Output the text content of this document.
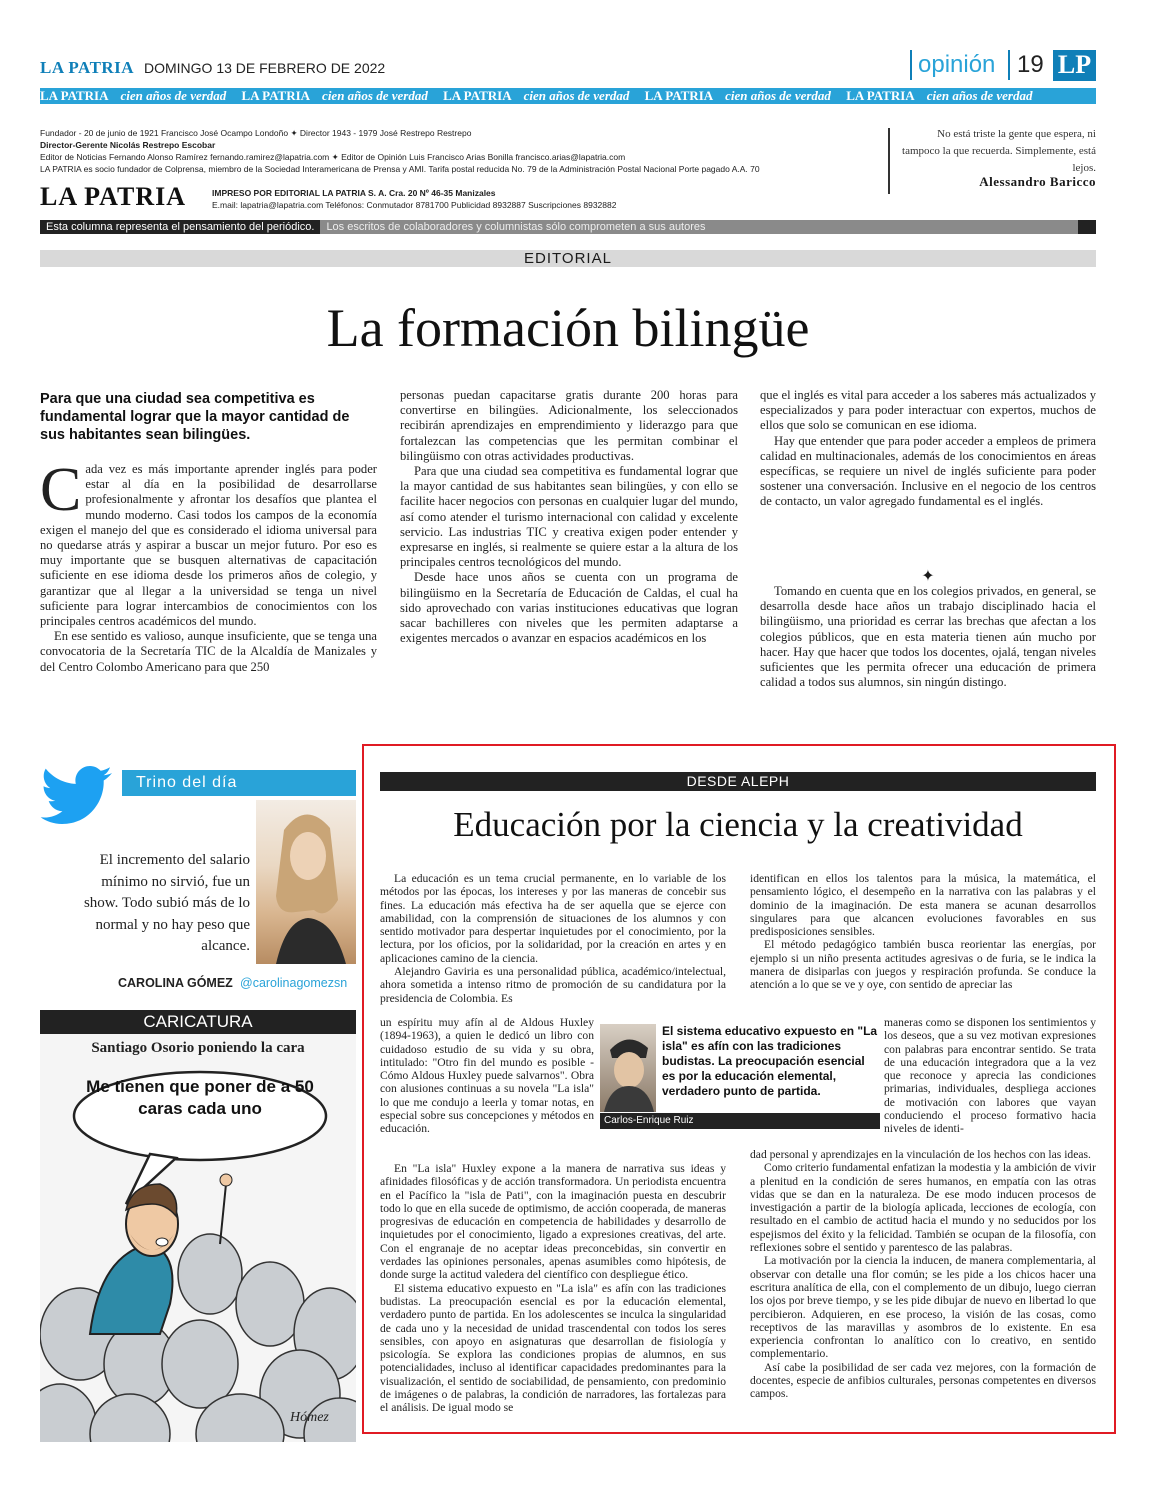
LA PATRIA DOMINGO 13 DE FEBRERO DE 2022	opinión 19 LP
LA PATRIA cien años de verdad LA PATRIA cien años de verdad LA PATRIA cien años de verdad LA PATRIA cien años de verdad LA PATRIA cien años de verdad
Fundador - 20 de junio de 1921 Francisco José Ocampo Londoño ✦ Director 1943 - 1979 José Restrepo Restrepo
Director-Gerente Nicolás Restrepo Escobar
Editor de Noticias Fernando Alonso Ramírez fernando.ramirez@lapatria.com ✦ Editor de Opinión Luis Francisco Arias Bonilla francisco.arias@lapatria.com
LA PATRIA es socio fundador de Colprensa, miembro de la Sociedad Interamericana de Prensa y AMI. Tarifa postal reducida No. 79 de la Administración Postal Nacional Porte pagado A.A. 70
LA PATRIA	IMPRESO POR EDITORIAL LA PATRIA S. A. Cra. 20 Nº 46-35 Manizales
E.mail: lapatria@lapatria.com Teléfonos: Conmutador 8781700 Publicidad 8932887 Suscripciones 8932882
No está triste la gente que espera, ni tampoco la que recuerda. Simplemente, está lejos.
Alessandro Baricco
Esta columna representa el pensamiento del periódico. Los escritos de colaboradores y columnistas sólo comprometen a sus autores
EDITORIAL
La formación bilingüe
Para que una ciudad sea competitiva es fundamental lograr que la mayor cantidad de sus habitantes sean bilingües.
C ada vez es más importante aprender inglés para poder estar al día en la posibilidad de desarrollarse profesionalmente y afrontar los desafíos que plantea el mundo moderno. Casi todos los campos de la economía exigen el manejo del que es considerado el idioma universal para no quedarse atrás y aspirar a buscar un mejor futuro. Por eso es muy importante que se busquen alternativas de capacitación suficiente en ese idioma desde los primeros años de colegio, y garantizar que al llegar a la universidad se tenga un nivel suficiente para lograr intercambios de conocimientos con los principales centros académicos del mundo.

En ese sentido es valioso, aunque insuficiente, que se tenga una convocatoria de la Secretaría TIC de la Alcaldía de Manizales y del Centro Colombo Americano para que 250

personas puedan capacitarse gratis durante 200 horas para convertirse en bilingües. Adicionalmente, los seleccionados recibirán aprendizajes en emprendimiento y liderazgo para que fortalezcan las competencias que les permitan combinar el bilingüismo con otras actividades productivas.

Para que una ciudad sea competitiva es fundamental lograr que la mayor cantidad de sus habitantes sean bilingües, y con ello se facilite hacer negocios con personas en cualquier lugar del mundo, así como atender el turismo internacional con calidad y excelente servicio. Las industrias TIC y creativa exigen poder entender y expresarse en inglés, si realmente se quiere estar a la altura de los principales centros tecnológicos del mundo.

Desde hace unos años se cuenta con un programa de bilingüismo en la Secretaría de Educación de Caldas, el cual ha sido aprovechado con varias instituciones educativas que logran sacar bachilleres con niveles que les permiten adaptarse a exigentes mercados o avanzar en espacios académicos en los

que el inglés es vital para acceder a los saberes más actualizados y especializados y para poder interactuar con expertos, muchos de ellos que solo se comunican en ese idioma.

Hay que entender que para poder acceder a empleos de primera calidad en multinacionales, además de los conocimientos en áreas específicas, se requiere un nivel de inglés suficiente para poder sostener una conversación. Inclusive en el negocio de los centros de contacto, un valor agregado fundamental es el inglés.

✦

Tomando en cuenta que en los colegios privados, en general, se desarrolla desde hace años un trabajo disciplinado hacia el bilingüismo, una prioridad es cerrar las brechas que afectan a los colegios públicos, que en esta materia tienen aún mucho por hacer. Hay que hacer que todos los docentes, ojalá, tengan niveles suficientes que les permita ofrecer una educación de primera calidad a todos sus alumnos, sin ningún distingo.

Trino del día
El incremento del salario mínimo no sirvió, fue un show. Todo subió más de lo normal y no hay peso que alcance.
CAROLINA GÓMEZ @carolinagomezsn
CARICATURA
Santiago Osorio poniendo la cara
Me tienen que poner de a 50 caras cada uno
Hómez
DESDE ALEPH
Educación por la ciencia y la creatividad

La educación es un tema crucial permanente, en lo variable de los métodos por las épocas, los intereses y por las maneras de concebir sus fines. La educación más efectiva ha de ser aquella que se ejerce con amabilidad, con la comprensión de situaciones de los alumnos y con sentido motivador para despertar inquietudes por el conocimiento, por la lectura, por los oficios, por la solidaridad, por la creación en artes y en aplicaciones camino de la ciencia.

Alejandro Gaviria es una personalidad pública, académico/intelectual, ahora sometida a intenso ritmo de promoción de su candidatura por la presidencia de Colombia. Es

un espíritu muy afín al de Aldous Huxley (1894-1963), a quien le dedicó un libro con cuidadoso estudio de su vida y su obra, intitulado: "Otro fin del mundo es posible - Cómo Aldous Huxley puede salvarnos". Obra con alusiones continuas a su novela "La isla" lo que me condujo a leerla y tomar notas, en especial sobre sus concepciones y métodos en educación.

El sistema educativo expuesto en "La isla" es afín con las tradiciones budistas. La preocupación esencial es por la educación elemental, verdadero punto de partida.
Carlos-Enrique Ruiz

En "La isla" Huxley expone a la manera de narrativa sus ideas y afinidades filosóficas y de acción transformadora. Un periodista encuentra en el Pacífico la "isla de Pati", con la imaginación puesta en descubrir todo lo que en ella sucede de optimismo, de acción cooperada, de maneras progresivas de educación en competencia de habilidades y desarrollo de inquietudes por el conocimiento, ligado a expresiones creativas, del arte. Con el engranaje de no aceptar ideas preconcebidas, sin convertir en verdades las opiniones personales, apenas asumibles como hipótesis, de donde surge la actitud valedera del científico con despliegue ético.

El sistema educativo expuesto en "La isla" es afín con las tradiciones budistas. La preocupación esencial es por la educación elemental, verdadero punto de partida. En los adolescentes se inculca la singularidad de cada uno y la necesidad de unidad trascendental con todos los seres sensibles, con apoyo en asignaturas que desarrollan de fisiología y psicología. Se explora las condiciones propias de alumnos, en sus potencialidades, incluso al identificar capacidades predominantes para la visualización, el sentido de sociabilidad, de pensamiento, con predominio de imágenes o de palabras, la condición de narradores, las fortalezas para el análisis. De igual modo se

identifican en ellos los talentos para la música, la matemática, el pensamiento lógico, el desempeño en la narrativa con las palabras y el dominio de la imaginación. De esta manera se acunan desarrollos singulares para que alcancen evoluciones favorables en sus predisposiciones sensibles.

El método pedagógico también busca reorientar las energías, por ejemplo si un niño presenta actitudes agresivas o de furia, se le indica la manera de disiparlas con juegos y respiración profunda. Se conduce la atención a lo que se ve y oye, con sentido de apreciar las

maneras como se disponen los sentimientos y los deseos, que a su vez motivan expresiones con palabras para encontrar sentido. Se trata de una educación integradora que a la vez que reconoce y aprecia las condiciones primarias, individuales, despliega acciones de motivación con labores que vayan conduciendo el proceso formativo hacia niveles de identi-

dad personal y aprendizajes en la vinculación de los hechos con las ideas.

Como criterio fundamental enfatizan la modestia y la ambición de vivir a plenitud en la condición de seres humanos, en empatía con las otras vidas que se dan en la naturaleza. De ese modo inducen procesos de investigación a partir de la biología aplicada, lecciones de ecología, con resultado en el cambio de actitud hacia el mundo y no seducidos por los espejismos del éxito y la felicidad. También se ocupan de la filosofía, con reflexiones sobre el sentido y parentesco de las palabras.

La motivación por la ciencia la inducen, de manera complementaria, al observar con detalle una flor común; se les pide a los chicos hacer una escritura analítica de ella, con el complemento de un dibujo, luego cierran los ojos por breve tiempo, y se les pide dibujar de nuevo en libertad lo que percibieron. Adquieren, en ese proceso, la visión de las cosas, como receptivos de las maravillas y asombros de lo existente. En esa experiencia confrontan lo analítico con lo creativo, en sentido complementario.

Así cabe la posibilidad de ser cada vez mejores, con la formación de docentes, especie de anfibios culturales, personas competentes en diversos campos.
